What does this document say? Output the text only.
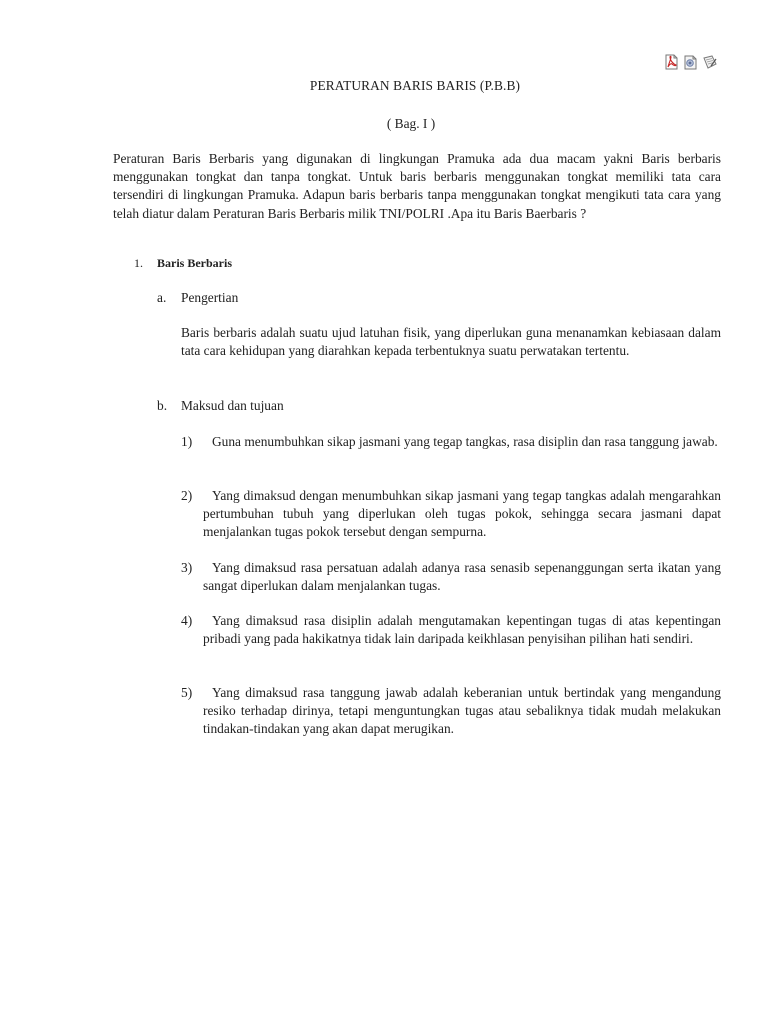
PERATURAN BARIS BARIS (P.B.B)
( Bag. I )

Peraturan Baris Berbaris yang digunakan di lingkungan Pramuka ada dua macam yakni Baris berbaris menggunakan tongkat dan tanpa tongkat. Untuk baris berbaris menggunakan tongkat memiliki tata cara tersendiri di lingkungan Pramuka. Adapun baris berbaris tanpa menggunakan tongkat mengikuti tata cara yang telah diatur dalam Peraturan Baris Berbaris milik TNI/POLRI .Apa itu Baris Baerbaris ?

1. Baris Berbaris
a. Pengertian

Baris berbaris adalah suatu ujud latuhan fisik, yang diperlukan guna menanamkan kebiasaan dalam tata cara kehidupan yang diarahkan kepada terbentuknya suatu perwatakan tertentu.

b. Maksud dan tujuan
1)	Guna menumbuhkan sikap jasmani yang tegap tangkas, rasa disiplin dan rasa tanggung jawab.

2)	Yang dimaksud dengan menumbuhkan sikap jasmani yang tegap tangkas adalah mengarahkan pertumbuhan tubuh yang diperlukan oleh tugas pokok, sehingga secara jasmani dapat menjalankan tugas pokok tersebut dengan sempurna.

3)	Yang dimaksud rasa persatuan adalah adanya rasa senasib sepenanggungan serta ikatan yang sangat diperlukan dalam menjalankan tugas.

4)	Yang dimaksud rasa disiplin adalah mengutamakan kepentingan tugas di atas kepentingan pribadi yang pada hakikatnya tidak lain daripada keikhlasan penyisihan pilihan hati sendiri.

5)	Yang dimaksud rasa tanggung jawab adalah keberanian untuk bertindak yang mengandung resiko terhadap dirinya, tetapi menguntungkan tugas atau sebaliknya tidak mudah melakukan tindakan-tindakan yang akan dapat merugikan.
